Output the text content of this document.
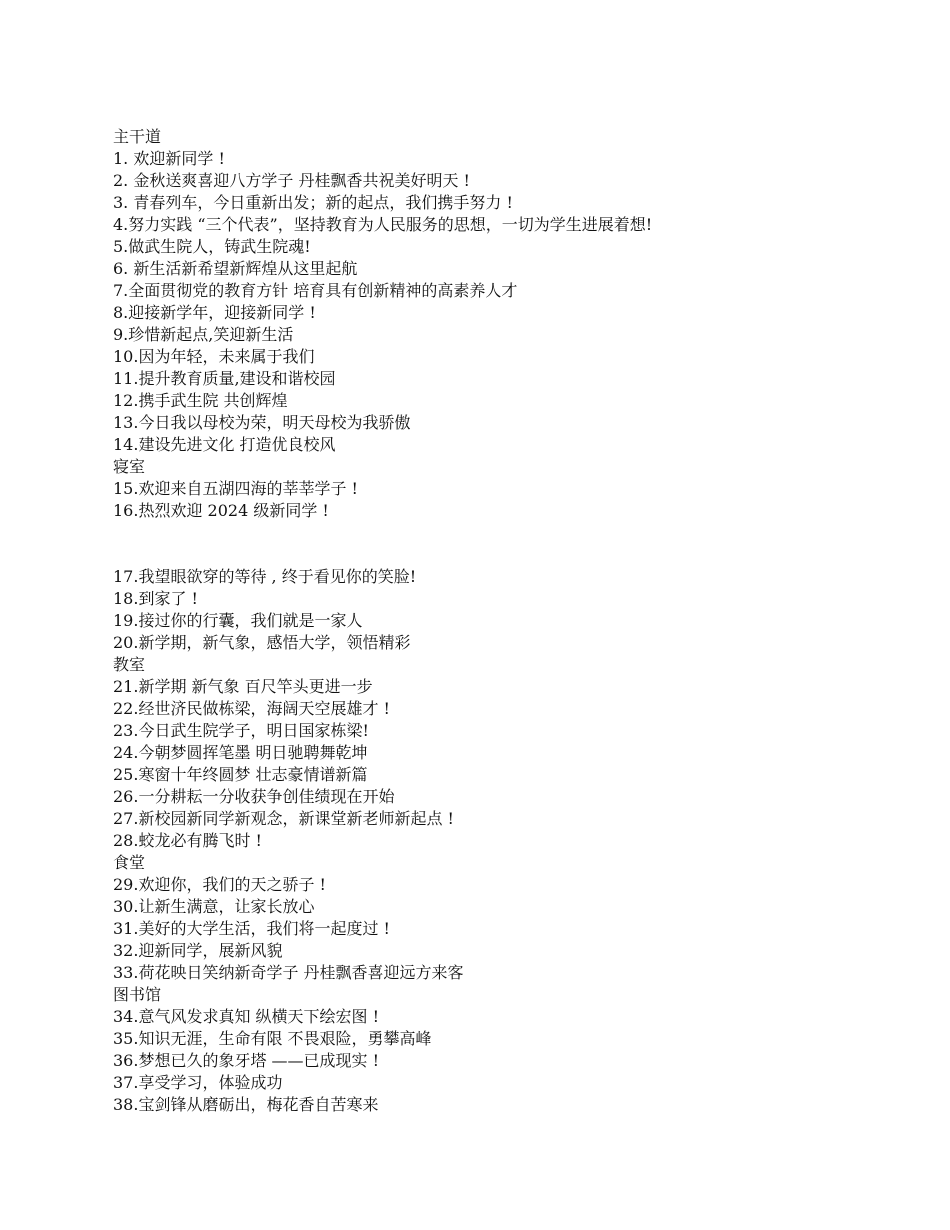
主干道
1. 欢迎新同学 !
2. 金秋送爽喜迎八方学子 丹桂飘香共祝美好明天 !
3. 青春列车，今日重新出发；新的起点，我们携手努力 !
4.努力实践 “三个代表”，坚持教育为人民服务的思想，一切为学生进展着想!
5.做武生院人，铸武生院魂!
6. 新生活新希望新辉煌从这里起航
7.全面贯彻党的教育方针 培育具有创新精神的高素养人才
8.迎接新学年，迎接新同学 !
9.珍惜新起点,笑迎新生活
10.因为年轻，未来属于我们
11.提升教育质量,建设和谐校园
12.携手武生院 共创辉煌
13.今日我以母校为荣，明天母校为我骄傲
14.建设先进文化 打造优良校风
寝室
15.欢迎来自五湖四海的莘莘学子 !
16.热烈欢迎 2024 级新同学 !
17.我望眼欲穿的等待 , 终于看见你的笑脸!
18.到家了 !
19.接过你的行囊，我们就是一家人
20.新学期，新气象，感悟大学，领悟精彩
教室
21.新学期 新气象 百尺竿头更进一步
22.经世济民做栋梁，海阔天空展雄才 !
23.今日武生院学子，明日国家栋梁!
24.今朝梦圆挥笔墨 明日驰聘舞乾坤
25.寒窗十年终圆梦 壮志豪情谱新篇
26.一分耕耘一分收获争创佳绩现在开始
27.新校园新同学新观念，新课堂新老师新起点 !
28.蛟龙必有腾飞时 !
食堂
29.欢迎你，我们的天之骄子 !
30.让新生满意，让家长放心
31.美好的大学生活，我们将一起度过 !
32.迎新同学，展新风貌
33.荷花映日笑纳新奇学子 丹桂飘香喜迎远方来客
图书馆
34.意气风发求真知 纵横天下绘宏图 !
35.知识无涯，生命有限 不畏艰险，勇攀高峰
36.梦想已久的象牙塔 ——已成现实 !
37.享受学习，体验成功
38.宝剑锋从磨砺出，梅花香自苦寒来
